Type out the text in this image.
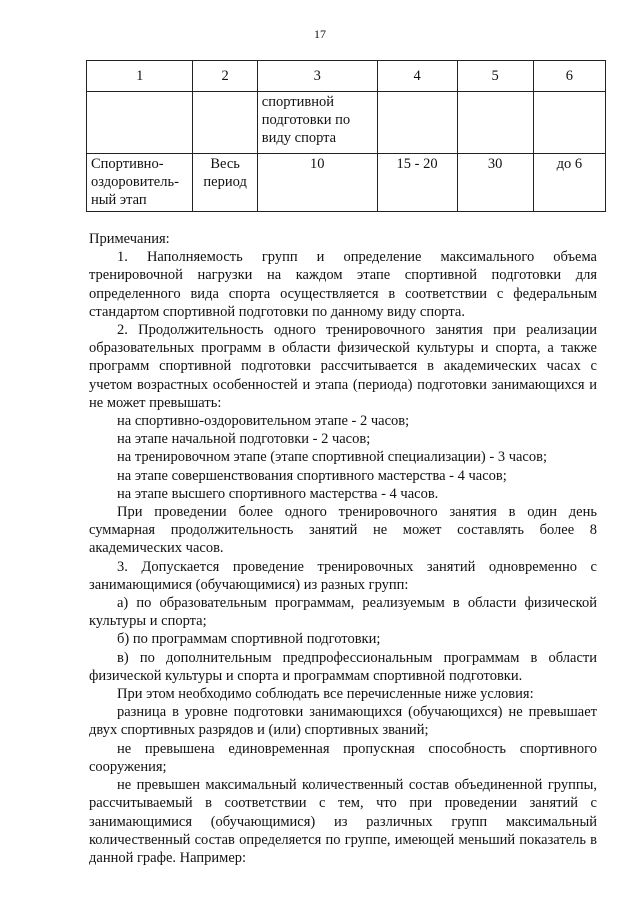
17
1	2	3	4	5	6
		спортивной подготовки по виду спорта			
Спортивно-оздоровитель-ный этап	Весь период	10	15 - 20	30	до 6

Примечания:

1. Наполняемость групп и определение максимального объема тренировочной нагрузки на каждом этапе спортивной подготовки для определенного вида спорта осуществляется в соответствии с федеральным стандартом спортивной подготовки по данному виду спорта.

2. Продолжительность одного тренировочного занятия при реализации образовательных программ в области физической культуры и спорта, а также программ спортивной подготовки рассчитывается в академических часах с учетом возрастных особенностей и этапа (периода) подготовки занимающихся и не может превышать:

на спортивно-оздоровительном этапе - 2 часов;

на этапе начальной подготовки - 2 часов;

на тренировочном этапе (этапе спортивной специализации) - 3 часов;

на этапе совершенствования спортивного мастерства - 4 часов;

на этапе высшего спортивного мастерства - 4 часов.

При проведении более одного тренировочного занятия в один день суммарная продолжительность занятий не может составлять более 8 академических часов.

3. Допускается проведение тренировочных занятий одновременно с занимающимися (обучающимися) из разных групп:

а) по образовательным программам, реализуемым в области физической культуры и спорта;

б) по программам спортивной подготовки;

в) по дополнительным предпрофессиональным программам в области физической культуры и спорта и программам спортивной подготовки.

При этом необходимо соблюдать все перечисленные ниже условия:

разница в уровне подготовки занимающихся (обучающихся) не превышает двух спортивных разрядов и (или) спортивных званий;

не превышена единовременная пропускная способность спортивного сооружения;

не превышен максимальный количественный состав объединенной группы, рассчитываемый в соответствии с тем, что при проведении занятий с занимающимися (обучающимися) из различных групп максимальный количественный состав определяется по группе, имеющей меньший показатель в данной графе. Например:
